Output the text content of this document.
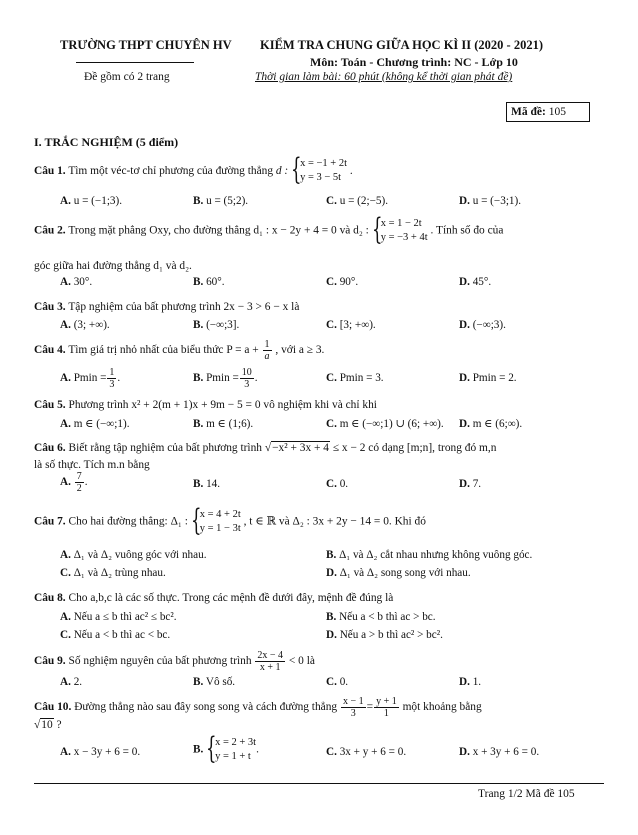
TRƯỜNG THPT CHUYÊN HV
Đề gồm có 2 trang
KIỂM TRA CHUNG GIỮA HỌC KÌ II (2020 - 2021)
Môn: Toán - Chương trình: NC - Lớp 10
Thời gian làm bài: 60 phút (không kể thời gian phát đề)
Mã đề: 105
I. TRẮC NGHIỆM (5 điểm)
Câu 1. Tìm một véc-tơ chỉ phương của đường thẳng d : {
x = −1 + 2t
y = 3 − 5t
.
A. u = (−1;3).	B. u = (5;2).	C. u = (2;−5).	D. u = (−3;1).
Câu 2. Trong mặt phẳng Oxy, cho đường thẳng d₁ : x − 2y + 4 = 0 và d₂ : {
x = 1 − 2t
y = −3 + 4t
. Tính số đo của
góc giữa hai đường thẳng d₁ và d₂.
A. 30°.	B. 60°.	C. 90°.	D. 45°.
Câu 3. Tập nghiệm của bất phương trình 2x − 3 > 6 − x là
A. (3; +∞).	B. (−∞;3].	C. [3; +∞).	D. (−∞;3).
Câu 4. Tìm giá trị nhỏ nhất của biểu thức $P = a + \frac{1}{a}$ , với a ≥ 3.
A. $Pmin = \frac{1}{3}$ .	B. $Pmin = \frac{10}{3}$ .	C. Pmin = 3.	D. Pmin = 2.
Câu 5. Phương trình x² + 2(m + 1)x + 9m − 5 = 0 vô nghiệm khi và chỉ khi
A. m ∈ (−∞;1).	B. m ∈ (1;6).	C. m ∈ (−∞;1) ∪ (6; +∞). D. m ∈ (6;∞).
Câu 6. Biết rằng tập nghiệm của bất phương trình √−x² + 3x + 4 ≤ x − 2 có dạng [m;n], trong đó m,n
là số thực. Tích m.n bằng
A. $\frac{7}{2}$ .	B. 14.	C. 0.	D. 7.
Câu 7. Cho hai đường thẳng: Δ₁ : {
x = 4 + 2t
y = 1 − 3t
, t ∈ ℝ và Δ₂ : 3x + 2y − 14 = 0. Khi đó
A. Δ₁ và Δ₂ vuông góc với nhau.	B. Δ₁ và Δ₂ cắt nhau nhưng không vuông góc.
C. Δ₁ và Δ₂ trùng nhau.	D. Δ₁ và Δ₂ song song với nhau.
Câu 8. Cho a,b,c là các số thực. Trong các mệnh đề dưới đây, mệnh đề đúng là
A. Nếu a ≤ b thì ac² ≤ bc².	B. Nếu a < b thì ac > bc.
C. Nếu a < b thì ac < bc.	D. Nếu a > b thì ac² > bc².
Câu 9. Số nghiệm nguyên của bất phương trình $\frac{2x - 4}{x + 1} < 0$ là
A. 2.	B. Vô số.	C. 0.	D. 1.
Câu 10. Đường thẳng nào sau đây song song và cách đường thẳng $\frac{x - 1}{3} = \frac{y + 1}{1}$ một khoảng bằng
√10 ?
A. x − 3y + 6 = 0.	B. {
x = 2 + 3t
y = 1 + t
.	C. 3x + y + 6 = 0.	D. x + 3y + 6 = 0.
Trang 1/2 Mã đề 105
